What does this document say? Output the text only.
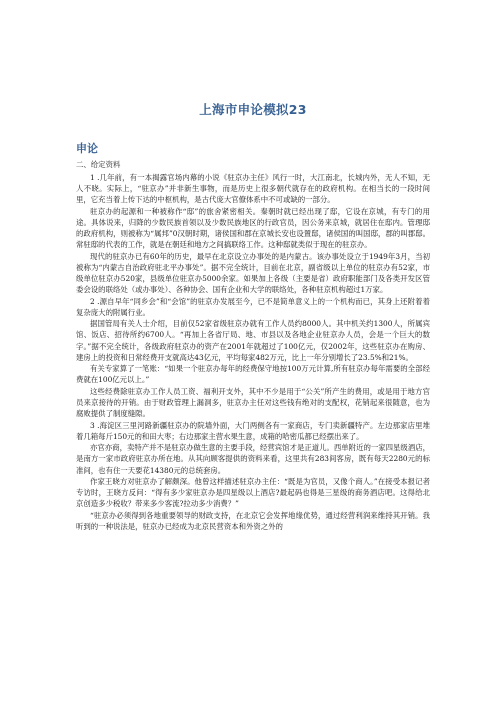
上海市申论模拟23
申论
二、给定资料

1 .几年前，有一本揭露官场内幕的小说《驻京办主任》风行一时，大江南北，长城内外，无人不知，无人不晓。实际上，“驻京办”并非新生事物，而是历史上很多朝代就存在的政府机构。在相当长的一段时间里，它充当着上传下达的中枢机构，是古代庞大官僚体系中不可或缺的一部分。

驻京办的起源和一种被称作“邸”的旅舍紧密相关。秦朝时就已经出现了邸，它设在京城，有专门的用途。具体说来，归降的少数民族首领以及少数民族地区的行政官员，因公务来京城，就居住在邸内。管理邸的政府机构，则被称为“属邦”0汉朝时期，诸侯国和郡在京城长安也设置邸，诸侯国的叫国邸，郡的叫郡邸。常驻邸的代表的工作，就是在朝廷和地方之间搞联络工作。这种邸就类似于现在的驻京办。

现代的驻京办已有60年的历史，最早在北京设立办事处的是内蒙古。该办事处设立于1949年3月，当初被称为“内蒙古自治政府驻北平办事处”。据不完全统计，目前在北京，副省级以上单位的驻京办有52家，市级单位驻京办520家，县级单位驻京办5000余家。如果加上各级（主要是省）政府职能部门及各类开发区管委会设的联络处（或办事处）、各种协会、国有企业和大学的联络处，各种驻京机构超过1万家。

2 .源自早年“同乡会”和“会馆”的驻京办发展至今，已不是简单意义上的一个机构而已，其身上还附着着复杂庞大的附属行业。

据国管局有关人士介绍，目前仅52家省级驻京办就有工作人员约8000人。其中机关约1300人，所属宾馆、饭店、招待所约6700人。“再加上各省厅局、地、市县以及各地企业驻京办人员，会是一个巨大的数字。”据不完全统计，各级政府驻京办的资产在2001年就超过了100亿元，仅2002年，这些驻京办在购房、建房上的投资和日常经费开支就高达43亿元，平均每家482万元，比上一年分别增长了23.5%和21%。

有关专家算了一笔账：“如果一个驻京办每年的经费保守地按100万元计算,所有驻京办每年需要的全部经费就在100亿元以上。”

这些经费除驻京办工作人员工资、福利开支外，其中不少是用于“公关”所产生的费用，或是用于地方官员来京接待的开销。由于财政管理上漏洞多，驻京办主任对这些钱有绝对的支配权，花销起来很随意，也为腐败提供了制度缝隙。

3 .海淀区三里河路新疆驻京办的院墙外面，大门两侧各有一家商店，专门卖新疆特产。左边那家店里堆着几箱每斤150元的和田大枣；右边那家主营水果生意，成箱的哈密瓜都已经摆出来了。

亦官亦商，卖特产并不是驻京办做生意的主要手段，经营宾馆才是正道儿。西单附近的一家四星级酒店，是南方一家市政府驻京办所在地。从其向顾客提供的资料来看，这里共有283间客房，既有每天2280元的标准间，也有住一天要花14380元的总统套房。

作家王晓方对驻京办了解颇深。他曾这样描述驻京办主任：“既是为官员，又像个商人。”在接受本报记者专访时，王晓方反问：“得有多少家驻京办是四星级以上酒店?最起码也得是三星级的商务酒店吧。这得给北京创造多少税收？带来多少客流?拉动多少消费？”

“驻京办必须得到各地重要领导的财政支持，在北京它会发挥地缘优势，通过经营利润来维持其开销。我听到的一种说法是，驻京办已经成为北京民营资本和外资之外的
